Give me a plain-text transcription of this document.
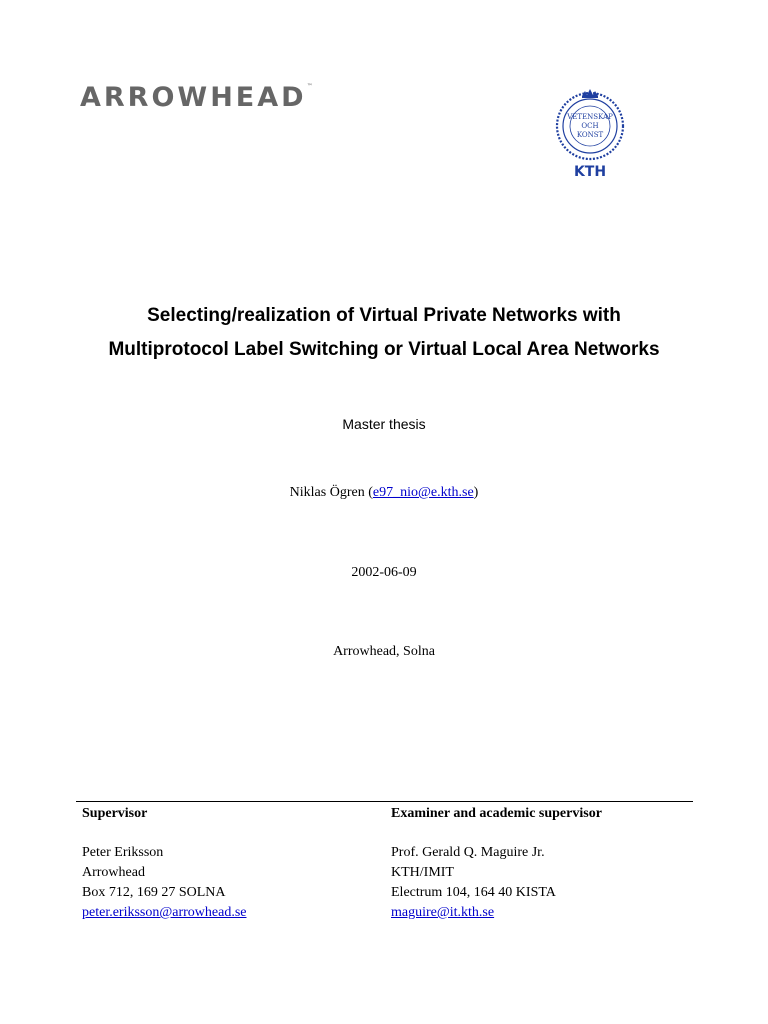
ARROWHEAD™
VETENSKAP
OCH
KONST
KTH
Selecting/realization of Virtual Private Networks with
Multiprotocol Label Switching or Virtual Local Area Networks
Master thesis
Niklas Ögren (e97_nio@e.kth.se)
2002-06-09
Arrowhead, Solna
Supervisor
Peter Eriksson
Arrowhead
Box 712, 169 27 SOLNA
peter.eriksson@arrowhead.se
Examiner and academic supervisor
Prof. Gerald Q. Maguire Jr.
KTH/IMIT
Electrum 104, 164 40 KISTA
maguire@it.kth.se
